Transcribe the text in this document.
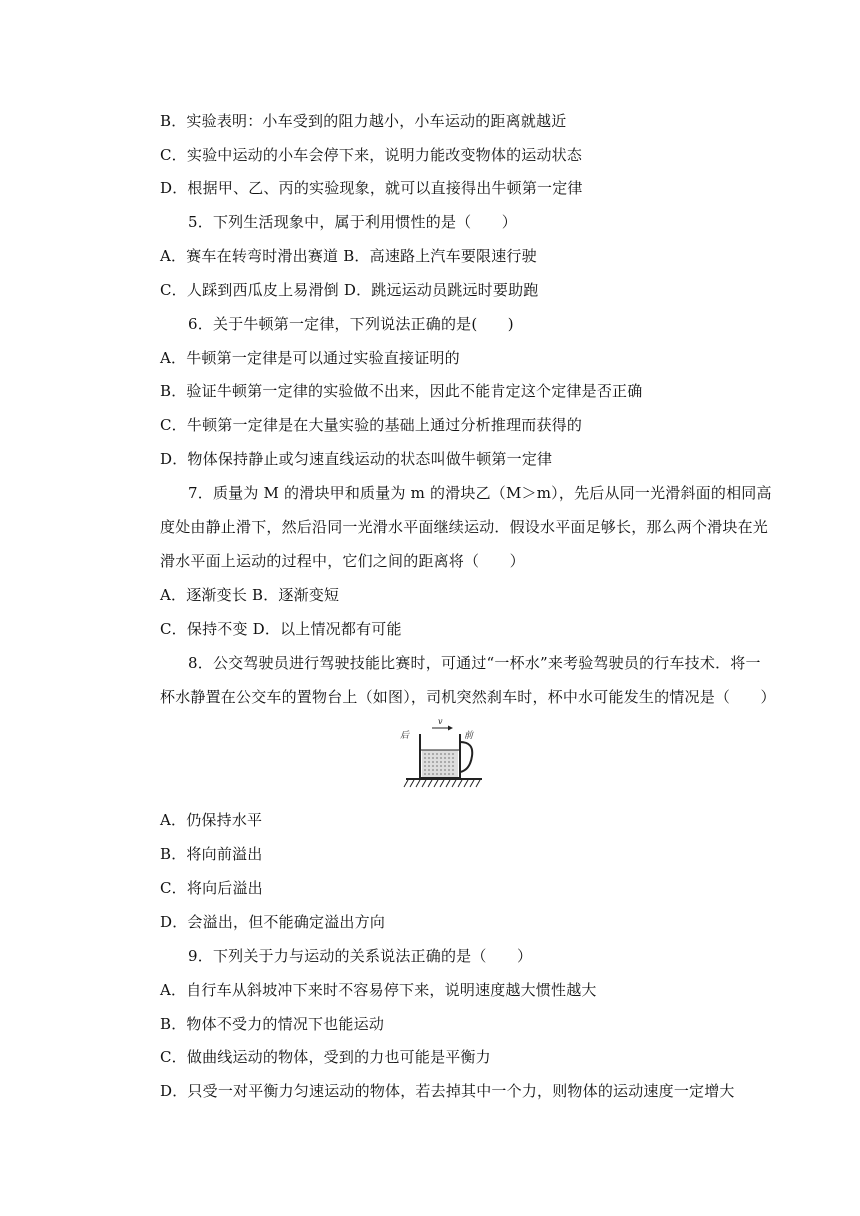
B．实验表明：小车受到的阻力越小，小车运动的距离就越近
C．实验中运动的小车会停下来，说明力能改变物体的运动状态
D．根据甲、乙、丙的实验现象，就可以直接得出牛顿第一定律
5．下列生活现象中，属于利用惯性的是（　　）
A．赛车在转弯时滑出赛道 B．高速路上汽车要限速行驶
C．人踩到西瓜皮上易滑倒 D．跳远运动员跳远时要助跑
6．关于牛顿第一定律，下列说法正确的是(　　)
A．牛顿第一定律是可以通过实验直接证明的
B．验证牛顿第一定律的实验做不出来，因此不能肯定这个定律是否正确
C．牛顿第一定律是在大量实验的基础上通过分析推理而获得的
D．物体保持静止或匀速直线运动的状态叫做牛顿第一定律
7．质量为 M 的滑块甲和质量为 m 的滑块乙（M＞m），先后从同一光滑斜面的相同高
度处由静止滑下，然后沿同一光滑水平面继续运动．假设水平面足够长，那么两个滑块在光
滑水平面上运动的过程中，它们之间的距离将（　　）
A．逐渐变长 B．逐渐变短
C．保持不变 D．以上情况都有可能
8．公交驾驶员进行驾驶技能比赛时，可通过“一杯水”来考验驾驶员的行车技术．将一
杯水静置在公交车的置物台上（如图），司机突然刹车时，杯中水可能发生的情况是（　　）
v
后	前
A．仍保持水平
B．将向前溢出
C．将向后溢出
D．会溢出，但不能确定溢出方向
9．下列关于力与运动的关系说法正确的是（　　）
A．自行车从斜坡冲下来时不容易停下来，说明速度越大惯性越大
B．物体不受力的情况下也能运动
C．做曲线运动的物体，受到的力也可能是平衡力
D．只受一对平衡力匀速运动的物体，若去掉其中一个力，则物体的运动速度一定增大
